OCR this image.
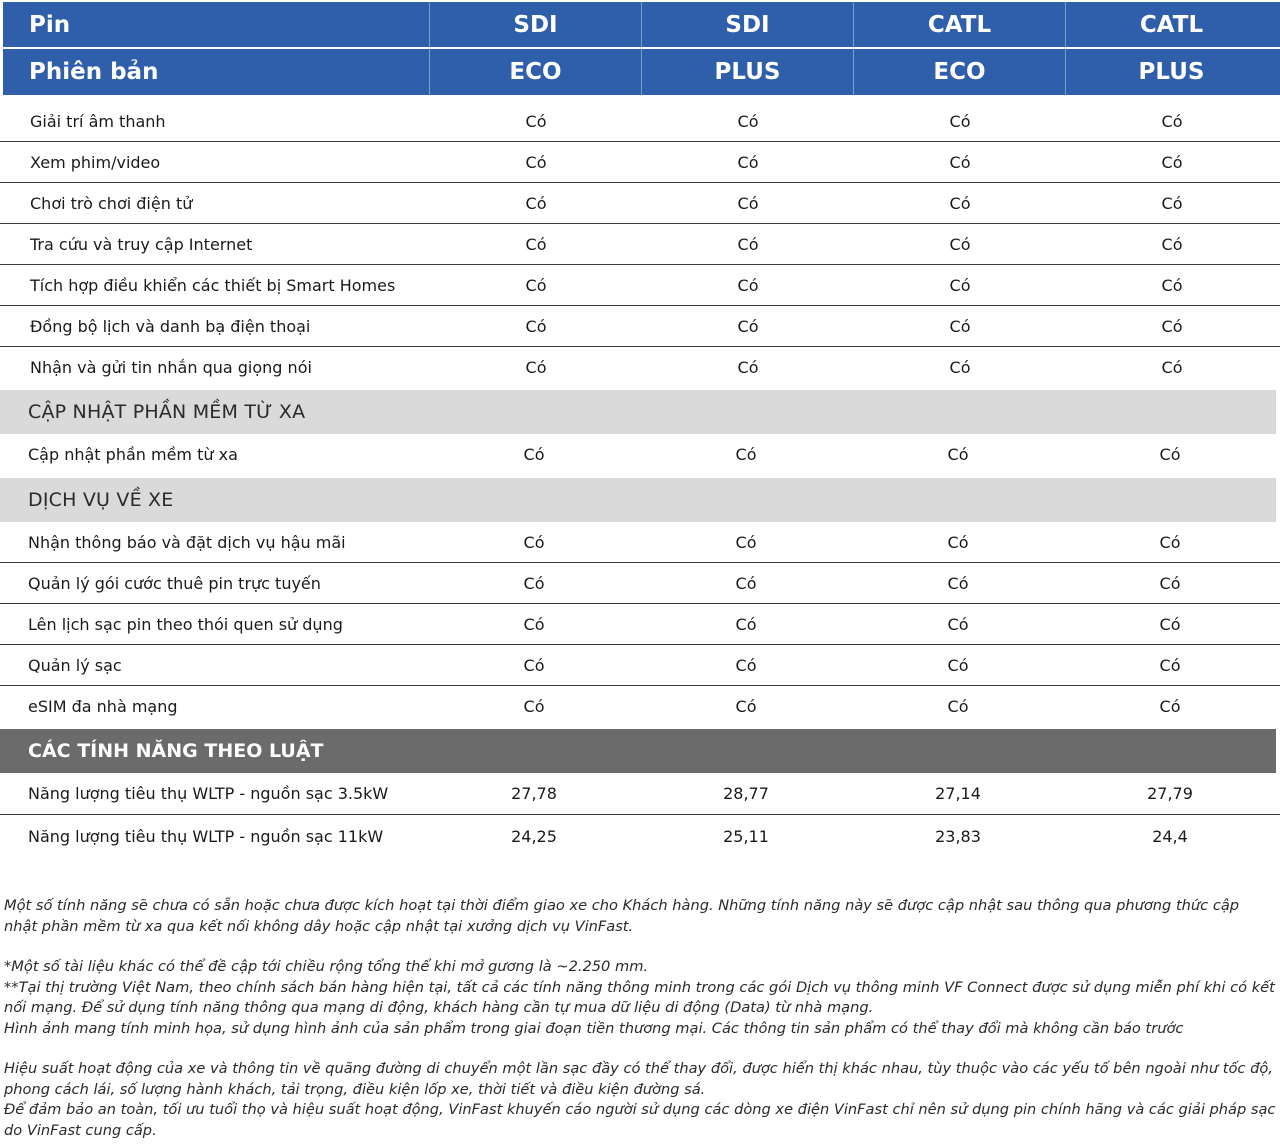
Pin	SDI	SDI	CATL	CATL
Phiên bản	ECO	PLUS	ECO	PLUS
Giải trí âm thanh	Có	Có	Có	Có
Xem phim/video	Có	Có	Có	Có
Chơi trò chơi điện tử	Có	Có	Có	Có
Tra cứu và truy cập Internet	Có	Có	Có	Có
Tích hợp điều khiển các thiết bị Smart Homes	Có	Có	Có	Có
Đồng bộ lịch và danh bạ điện thoại	Có	Có	Có	Có
Nhận và gửi tin nhắn qua giọng nói	Có	Có	Có	Có
CẬP NHẬT PHẦN MỀM TỪ XA
Cập nhật phần mềm từ xa	Có	Có	Có	Có
DỊCH VỤ VỀ XE
Nhận thông báo và đặt dịch vụ hậu mãi	Có	Có	Có	Có
Quản lý gói cước thuê pin trực tuyến	Có	Có	Có	Có
Lên lịch sạc pin theo thói quen sử dụng	Có	Có	Có	Có
Quản lý sạc	Có	Có	Có	Có
eSIM đa nhà mạng	Có	Có	Có	Có
CÁC TÍNH NĂNG THEO LUẬT
Năng lượng tiêu thụ WLTP - nguồn sạc 3.5kW	27,78	28,77	27,14	27,79
Năng lượng tiêu thụ WLTP - nguồn sạc 11kW	24,25	25,11	23,83	24,4

Một số tính năng sẽ chưa có sẵn hoặc chưa được kích hoạt tại thời điểm giao xe cho Khách hàng. Những tính năng này sẽ được cập nhật sau thông qua phương thức cập nhật phần mềm từ xa qua kết nối không dây hoặc cập nhật tại xưởng dịch vụ VinFast.

*Một số tài liệu khác có thể đề cập tới chiều rộng tổng thể khi mở gương là ~2.250 mm.

**Tại thị trường Việt Nam, theo chính sách bán hàng hiện tại, tất cả các tính năng thông minh trong các gói Dịch vụ thông minh VF Connect được sử dụng miễn phí khi có kết nối mạng. Để sử dụng tính năng thông qua mạng di động, khách hàng cần tự mua dữ liệu di động (Data) từ nhà mạng.

Hình ảnh mang tính minh họa, sử dụng hình ảnh của sản phẩm trong giai đoạn tiền thương mại. Các thông tin sản phẩm có thể thay đổi mà không cần báo trước

Hiệu suất hoạt động của xe và thông tin về quãng đường di chuyển một lần sạc đầy có thể thay đổi, được hiển thị khác nhau, tùy thuộc vào các yếu tố bên ngoài như tốc độ, phong cách lái, số lượng hành khách, tải trọng, điều kiện lốp xe, thời tiết và điều kiện đường sá.

Để đảm bảo an toàn, tối ưu tuổi thọ và hiệu suất hoạt động, VinFast khuyến cáo người sử dụng các dòng xe điện VinFast chỉ nên sử dụng pin chính hãng và các giải pháp sạc do VinFast cung cấp.
